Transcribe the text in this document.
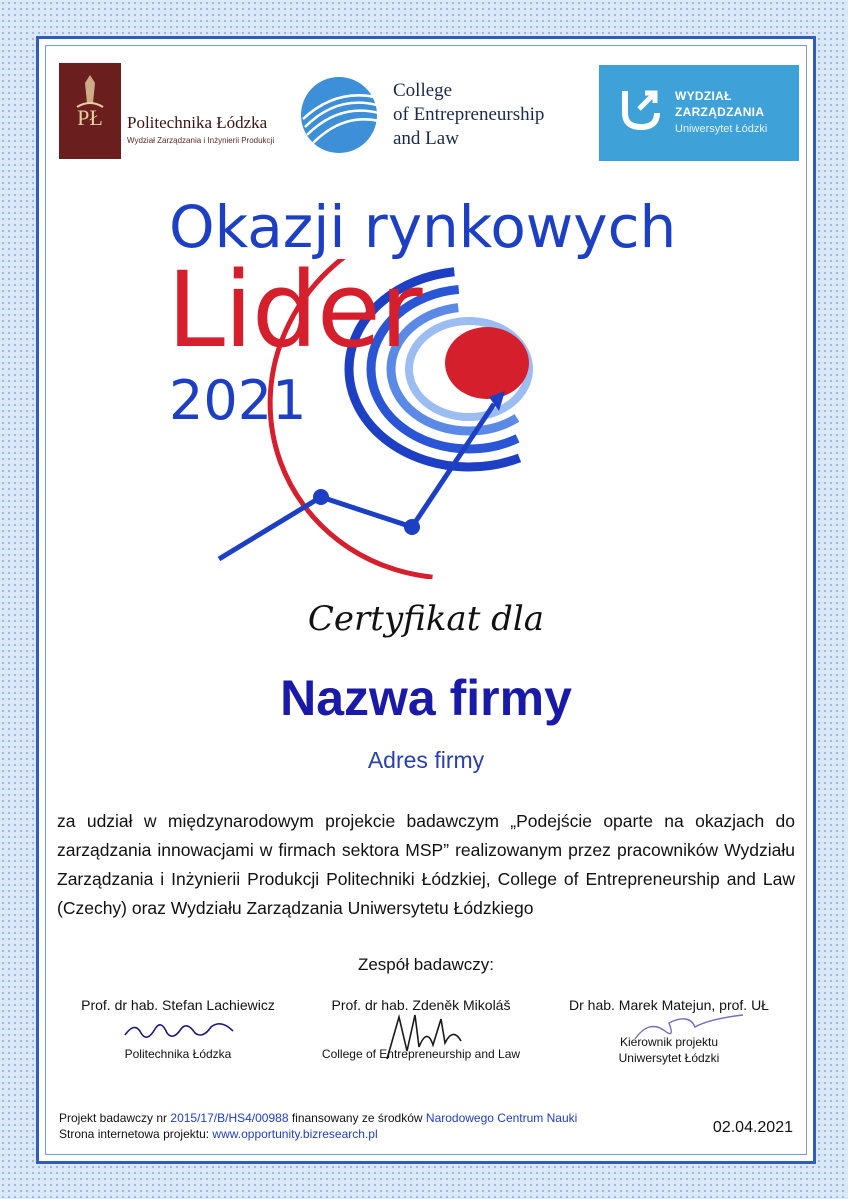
PŁ Politechnika Łódzka
Wydział Zarządzania i Inżynierii Produkcji
College
of Entrepreneurship
and Law
WYDZIAŁ
ZARZĄDZANIA
Uniwersytet Łódzki
Okazji rynkowych
Lider
2021
Certyfikat dla
Nazwa firmy
Adres firmy
za udział w międzynarodowym projekcie badawczym „Podejście oparte na okazjach do zarządzania innowacjami w firmach sektora MSP” realizowanym przez pracowników Wydziału Zarządzania i Inżynierii Produkcji Politechniki Łódzkiej, College of Entrepreneurship and Law (Czechy) oraz Wydziału Zarządzania Uniwersytetu Łódzkiego
Zespół badawczy:
Prof. dr hab. Stefan Lachiewicz
Politechnika Łódzka
Prof. dr hab. Zdeněk Mikoláš
College of Entrepreneurship and Law
Dr hab. Marek Matejun, prof. UŁ
Kierownik projektu
Uniwersytet Łódzki
Projekt badawczy nr 2015/17/B/HS4/00988 finansowany ze środków Narodowego Centrum Nauki
Strona internetowa projektu: www.opportunity.bizresearch.pl	02.04.2021
